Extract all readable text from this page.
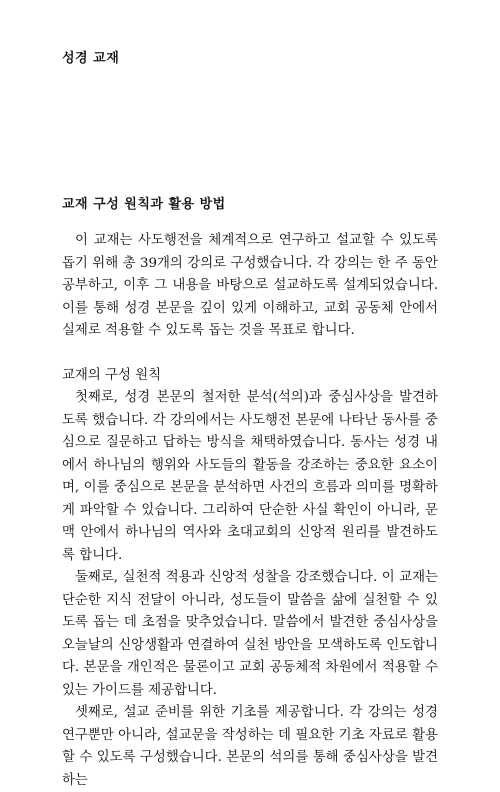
성경 교재
교재 구성 원칙과 활용 방법

이 교재는 사도행전을 체계적으로 연구하고 설교할 수 있도록 돕기 위해 총 39개의 강의로 구성했습니다. 각 강의는 한 주 동안 공부하고, 이후 그 내용을 바탕으로 설교하도록 설계되었습니다. 이를 통해 성경 본문을 깊이 있게 이해하고, 교회 공동체 안에서 실제로 적용할 수 있도록 돕는 것을 목표로 합니다.

교재의 구성 원칙

첫째로, 성경 본문의 철저한 분석(석의)과 중심사상을 발견하도록 했습니다. 각 강의에서는 사도행전 본문에 나타난 동사를 중심으로 질문하고 답하는 방식을 채택하였습니다. 동사는 성경 내에서 하나님의 행위와 사도들의 활동을 강조하는 중요한 요소이며, 이를 중심으로 본문을 분석하면 사건의 흐름과 의미를 명확하게 파악할 수 있습니다. 그리하여 단순한 사실 확인이 아니라, 문맥 안에서 하나님의 역사와 초대교회의 신앙적 원리를 발견하도록 합니다.

둘째로, 실천적 적용과 신앙적 성찰을 강조했습니다. 이 교재는 단순한 지식 전달이 아니라, 성도들이 말씀을 삶에 실천할 수 있도록 돕는 데 초점을 맞추었습니다. 말씀에서 발견한 중심사상을 오늘날의 신앙생활과 연결하여 실천 방안을 모색하도록 인도합니다. 본문을 개인적은 물론이고 교회 공동체적 차원에서 적용할 수 있는 가이드를 제공합니다.

셋째로, 설교 준비를 위한 기초를 제공합니다. 각 강의는 성경 연구뿐만 아니라, 설교문을 작성하는 데 필요한 기초 자료로 활용할 수 있도록 구성했습니다. 본문의 석의를 통해 중심사상을 발견하는
